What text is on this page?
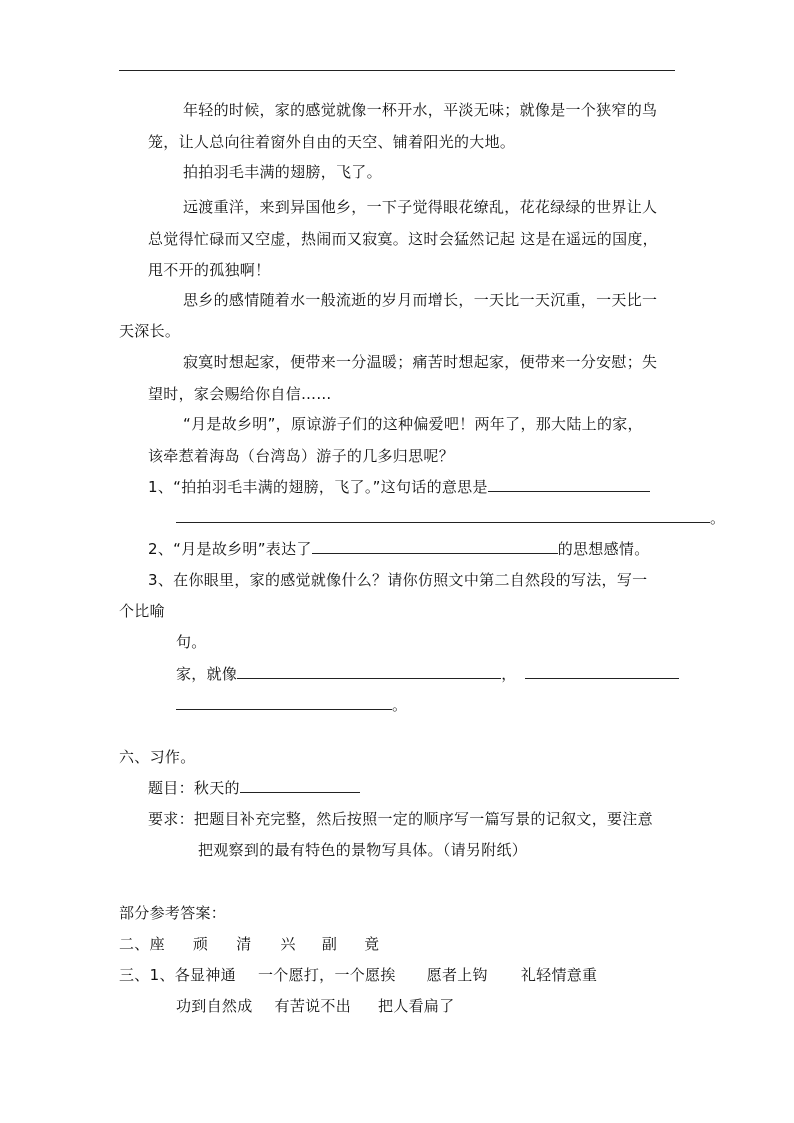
年轻的时候，家的感觉就像一杯开水，平淡无味；就像是一个狭窄的鸟
笼，让人总向往着窗外自由的天空、铺着阳光的大地。
拍拍羽毛丰满的翅膀，飞了。
远渡重洋，来到异国他乡，一下子觉得眼花缭乱，花花绿绿的世界让人
总觉得忙碌而又空虚，热闹而又寂寞。这时会猛然记起 这是在遥远的国度，
甩不开的孤独啊！
思乡的感情随着水一般流逝的岁月而增长，一天比一天沉重，一天比一
天深长。
寂寞时想起家，便带来一分温暖；痛苦时想起家，便带来一分安慰；失
望时，家会赐给你自信……
“月是故乡明”，原谅游子们的这种偏爱吧！两年了，那大陆上的家，
该牵惹着海岛（台湾岛）游子的几多归思呢？
1、“拍拍羽毛丰满的翅膀，飞了。”这句话的意思是
。
2、“月是故乡明”表达了	的思想感情。
3、在你眼里，家的感觉就像什么？请你仿照文中第二自然段的写法，写一
个比喻
句。
家，就像	，
。
六、习作。
题目：秋天的
要求：把题目补充完整，然后按照一定的顺序写一篇写景的记叙文，要注意
把观察到的最有特色的景物写具体。（请另附纸）
部分参考答案：
二、座 顽 清 兴 副 竟
三、1、各显神通 一个愿打，一个愿挨 愿者上钩 礼轻情意重
功到自然成 有苦说不出 把人看扁了
